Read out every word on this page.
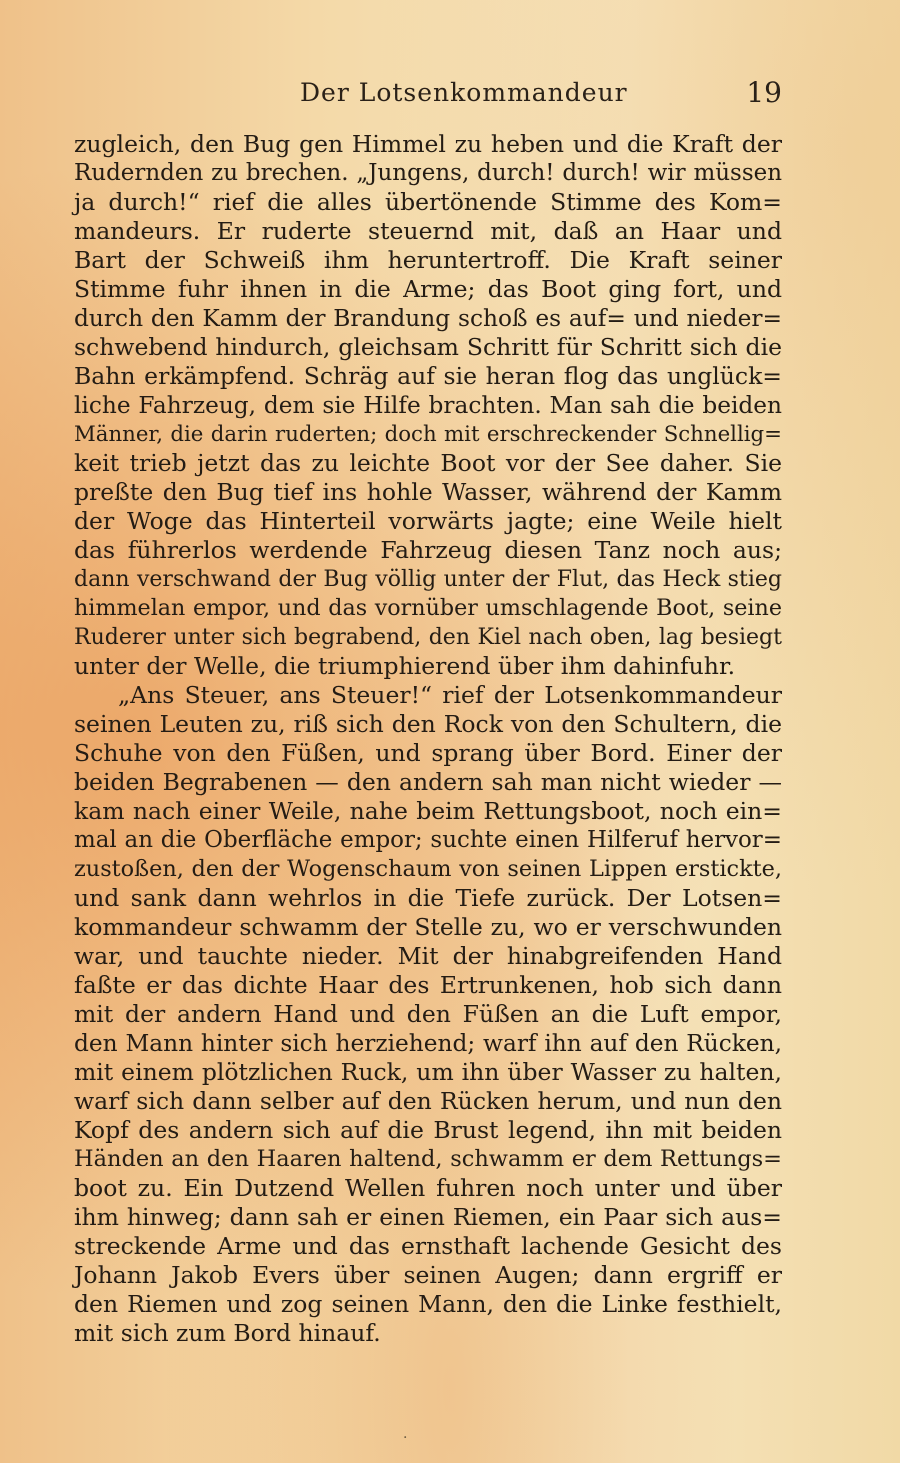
Der Lotsenkommandeur	19
zugleich, den Bug gen Himmel zu heben und die Kraft der
Rudernden zu brechen. „Jungens, durch! durch! wir müssen
ja durch!“ rief die alles übertönende Stimme des Kom=
mandeurs. Er ruderte steuernd mit, daß an Haar und
Bart der Schweiß ihm heruntertroff. Die Kraft seiner
Stimme fuhr ihnen in die Arme; das Boot ging fort, und
durch den Kamm der Brandung schoß es auf= und nieder=
schwebend hindurch, gleichsam Schritt für Schritt sich die
Bahn erkämpfend. Schräg auf sie heran flog das unglück=
liche Fahrzeug, dem sie Hilfe brachten. Man sah die beiden
Männer, die darin ruderten; doch mit erschreckender Schnellig=
keit trieb jetzt das zu leichte Boot vor der See daher. Sie
preßte den Bug tief ins hohle Wasser, während der Kamm
der Woge das Hinterteil vorwärts jagte; eine Weile hielt
das führerlos werdende Fahrzeug diesen Tanz noch aus;
dann verschwand der Bug völlig unter der Flut, das Heck stieg
himmelan empor, und das vornüber umschlagende Boot, seine
Ruderer unter sich begrabend, den Kiel nach oben, lag besiegt
unter der Welle, die triumphierend über ihm dahinfuhr.
„Ans Steuer, ans Steuer!“ rief der Lotsenkommandeur
seinen Leuten zu, riß sich den Rock von den Schultern, die
Schuhe von den Füßen, und sprang über Bord. Einer der
beiden Begrabenen — den andern sah man nicht wieder —
kam nach einer Weile, nahe beim Rettungsboot, noch ein=
mal an die Oberfläche empor; suchte einen Hilferuf hervor=
zustoßen, den der Wogenschaum von seinen Lippen erstickte,
und sank dann wehrlos in die Tiefe zurück. Der Lotsen=
kommandeur schwamm der Stelle zu, wo er verschwunden
war, und tauchte nieder. Mit der hinabgreifenden Hand
faßte er das dichte Haar des Ertrunkenen, hob sich dann
mit der andern Hand und den Füßen an die Luft empor,
den Mann hinter sich herziehend; warf ihn auf den Rücken,
mit einem plötzlichen Ruck, um ihn über Wasser zu halten,
warf sich dann selber auf den Rücken herum, und nun den
Kopf des andern sich auf die Brust legend, ihn mit beiden
Händen an den Haaren haltend, schwamm er dem Rettungs=
boot zu. Ein Dutzend Wellen fuhren noch unter und über
ihm hinweg; dann sah er einen Riemen, ein Paar sich aus=
streckende Arme und das ernsthaft lachende Gesicht des
Johann Jakob Evers über seinen Augen; dann ergriff er
den Riemen und zog seinen Mann, den die Linke festhielt,
mit sich zum Bord hinauf.
·
